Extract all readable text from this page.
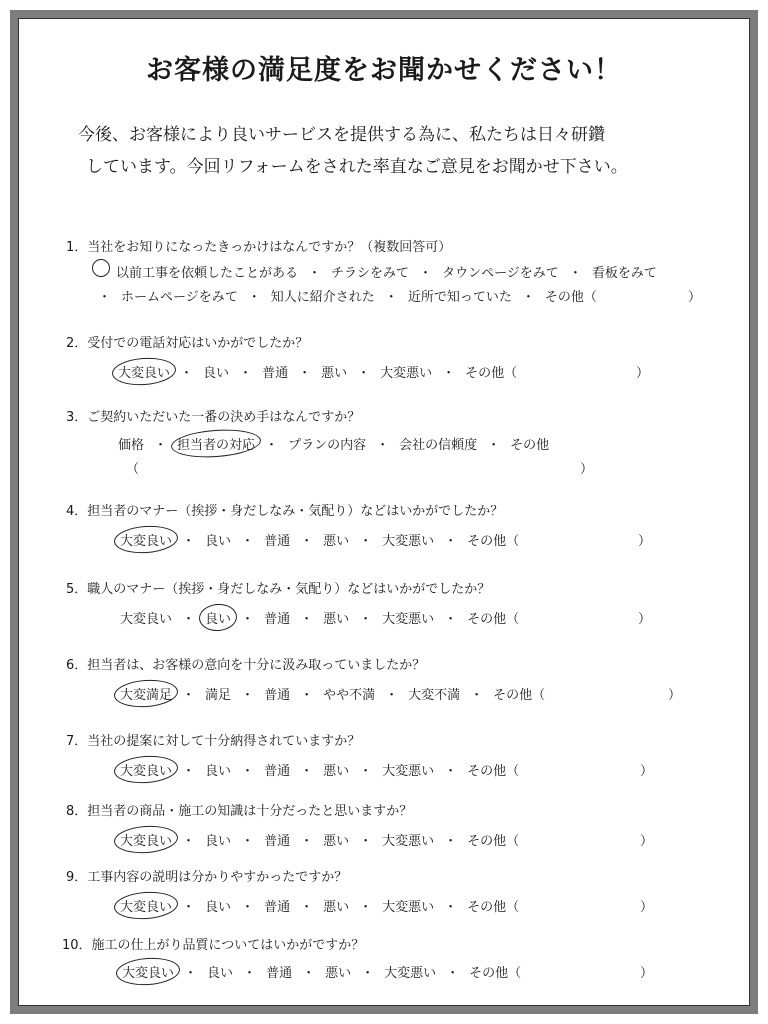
お客様の満足度をお聞かせください！
今後、お客様により良いサービスを提供する為に、私たちは日々研鑽
しています。今回リフォームをされた率直なご意見をお聞かせ下さい。
1．当社をお知りになったきっかけはなんですか？（複数回答可）
以前工事を依頼したことがある ・ チラシをみて ・ タウンページをみて ・ 看板をみて
・ ホームページをみて ・ 知人に紹介された ・ 近所で知っていた ・ その他（	）
2．受付での電話対応はいかがでしたか？
大変良い ・ 良い ・ 普通 ・ 悪い ・ 大変悪い ・ その他（	）
3．ご契約いただいた一番の決め手はなんですか？
価格 ・ 担当者の対応 ・ プランの内容 ・ 会社の信頼度 ・ その他
（	）
4．担当者のマナー（挨拶・身だしなみ・気配り）などはいかがでしたか？
大変良い ・ 良い ・ 普通 ・ 悪い ・ 大変悪い ・ その他（	）
5．職人のマナー（挨拶・身だしなみ・気配り）などはいかがでしたか？
大変良い ・ 良い ・ 普通 ・ 悪い ・ 大変悪い ・ その他（	）
6．担当者は、お客様の意向を十分に汲み取っていましたか？
大変満足 ・ 満足 ・ 普通 ・ やや不満 ・ 大変不満 ・ その他（	）
7．当社の提案に対して十分納得されていますか？
大変良い ・ 良い ・ 普通 ・ 悪い ・ 大変悪い ・ その他（	）
8．担当者の商品・施工の知識は十分だったと思いますか？
大変良い ・ 良い ・ 普通 ・ 悪い ・ 大変悪い ・ その他（	）
9．工事内容の説明は分かりやすかったですか？
大変良い ・ 良い ・ 普通 ・ 悪い ・ 大変悪い ・ その他（	）
10．施工の仕上がり品質についてはいかがですか？
大変良い ・ 良い ・ 普通 ・ 悪い ・ 大変悪い ・ その他（	）
